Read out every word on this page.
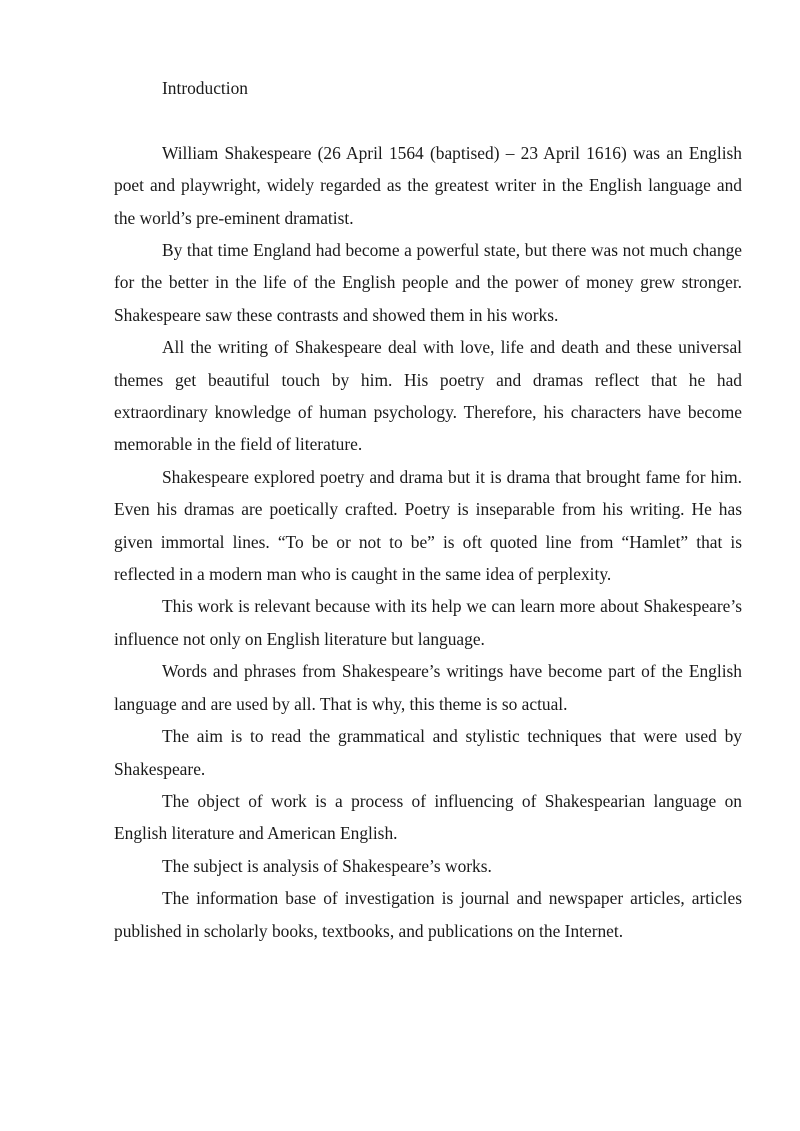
Introduction

William Shakespeare (26 April 1564 (baptised) – 23 April 1616) was an English poet and playwright, widely regarded as the greatest writer in the English language and the world’s pre-eminent dramatist.

By that time England had become a powerful state, but there was not much change for the better in the life of the English people and the power of money grew stronger. Shakespeare saw these contrasts and showed them in his works.

All the writing of Shakespeare deal with love, life and death and these universal themes get beautiful touch by him. His poetry and dramas reflect that he had extraordinary knowledge of human psychology. Therefore, his characters have become memorable in the field of literature.

Shakespeare explored poetry and drama but it is drama that brought fame for him. Even his dramas are poetically crafted. Poetry is inseparable from his writing. He has given immortal lines. “To be or not to be” is oft quoted line from “Hamlet” that is reflected in a modern man who is caught in the same idea of perplexity.

This work is relevant because with its help we can learn more about Shakespeare’s influence not only on English literature but language.

Words and phrases from Shakespeare’s writings have become part of the English language and are used by all. That is why, this theme is so actual.

The aim is to read the grammatical and stylistic techniques that were used by Shakespeare.

The object of work is a process of influencing of Shakespearian language on English literature and American English.

The subject is analysis of Shakespeare’s works.

The information base of investigation is journal and newspaper articles, articles published in scholarly books, textbooks, and publications on the Internet.
